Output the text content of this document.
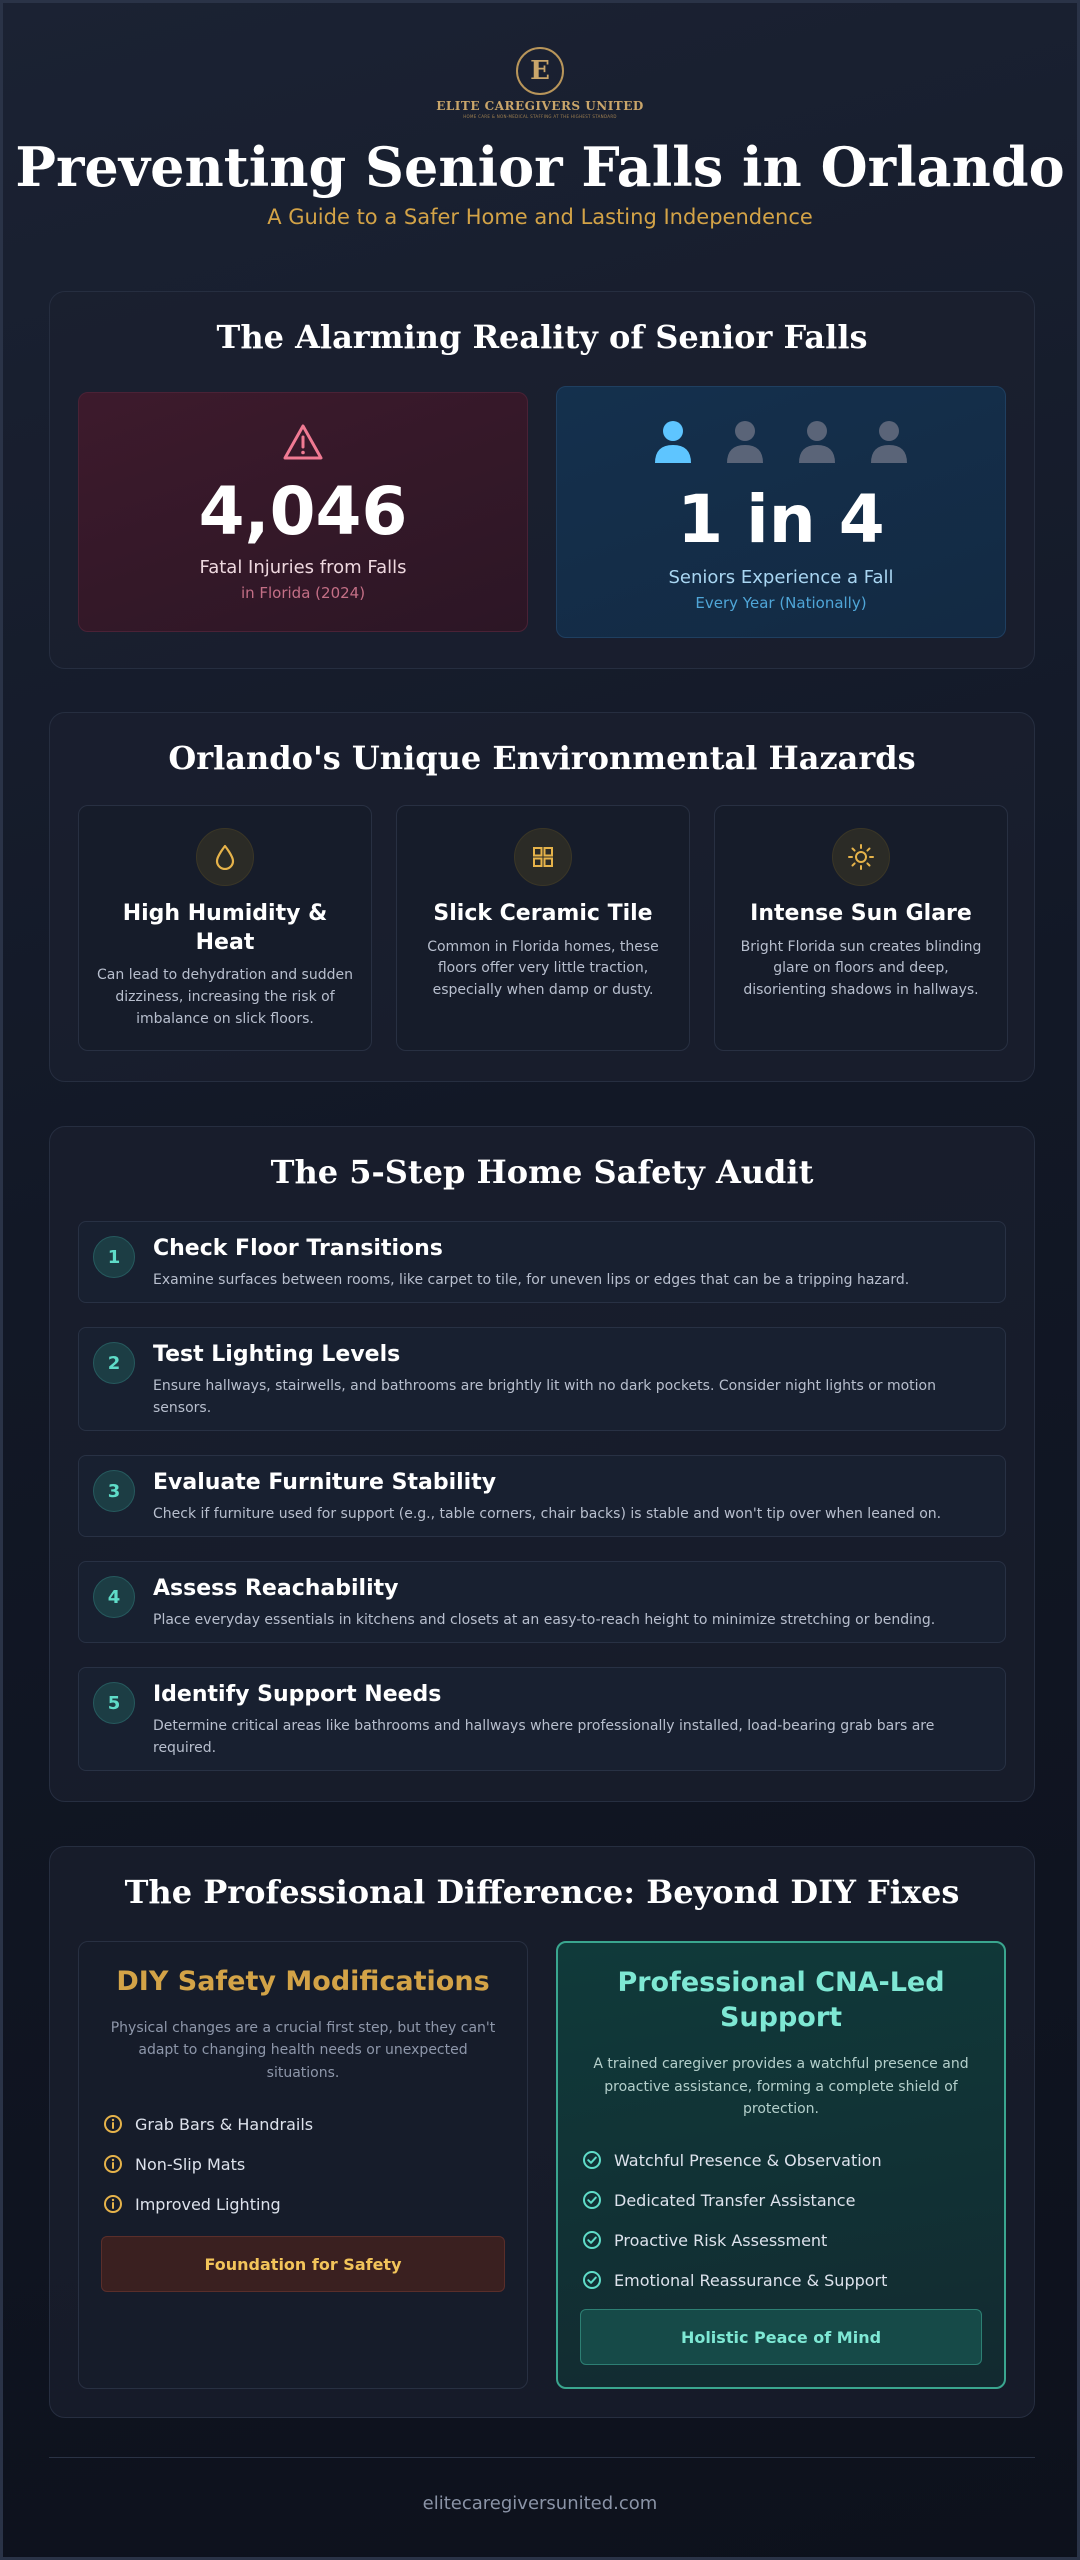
E
ELITE CAREGIVERS UNITED
HOME CARE & NON-MEDICAL STAFFING AT THE HIGHEST STANDARD
Preventing Senior Falls in Orlando
A Guide to a Safer Home and Lasting Independence
The Alarming Reality of Senior Falls
4,046
Fatal Injuries from Falls
in Florida (2024)
1 in 4
Seniors Experience a Fall
Every Year (Nationally)
Orlando's Unique Environmental Hazards
High Humidity & Heat
Can lead to dehydration and sudden dizziness, increasing the risk of imbalance on slick floors.
Slick Ceramic Tile
Common in Florida homes, these floors offer very little traction, especially when damp or dusty.
Intense Sun Glare
Bright Florida sun creates blinding glare on floors and deep, disorienting shadows in hallways.
The 5-Step Home Safety Audit
1	Check Floor Transitions
Examine surfaces between rooms, like carpet to tile, for uneven lips or edges that can be a tripping hazard.
2	Test Lighting Levels
Ensure hallways, stairwells, and bathrooms are brightly lit with no dark pockets. Consider night lights or motion sensors.
3	Evaluate Furniture Stability
Check if furniture used for support (e.g., table corners, chair backs) is stable and won't tip over when leaned on.
4	Assess Reachability
Place everyday essentials in kitchens and closets at an easy-to-reach height to minimize stretching or bending.
5	Identify Support Needs
Determine critical areas like bathrooms and hallways where professionally installed, load-bearing grab bars are required.
The Professional Difference: Beyond DIY Fixes
DIY Safety Modifications
Physical changes are a crucial first step, but they can't adapt to changing health needs or unexpected situations.
Grab Bars & Handrails
Non-Slip Mats
Improved Lighting
Foundation for Safety
Professional CNA-Led Support
A trained caregiver provides a watchful presence and proactive assistance, forming a complete shield of protection.
Watchful Presence & Observation
Dedicated Transfer Assistance
Proactive Risk Assessment
Emotional Reassurance & Support
Holistic Peace of Mind
elitecaregiversunited.com
